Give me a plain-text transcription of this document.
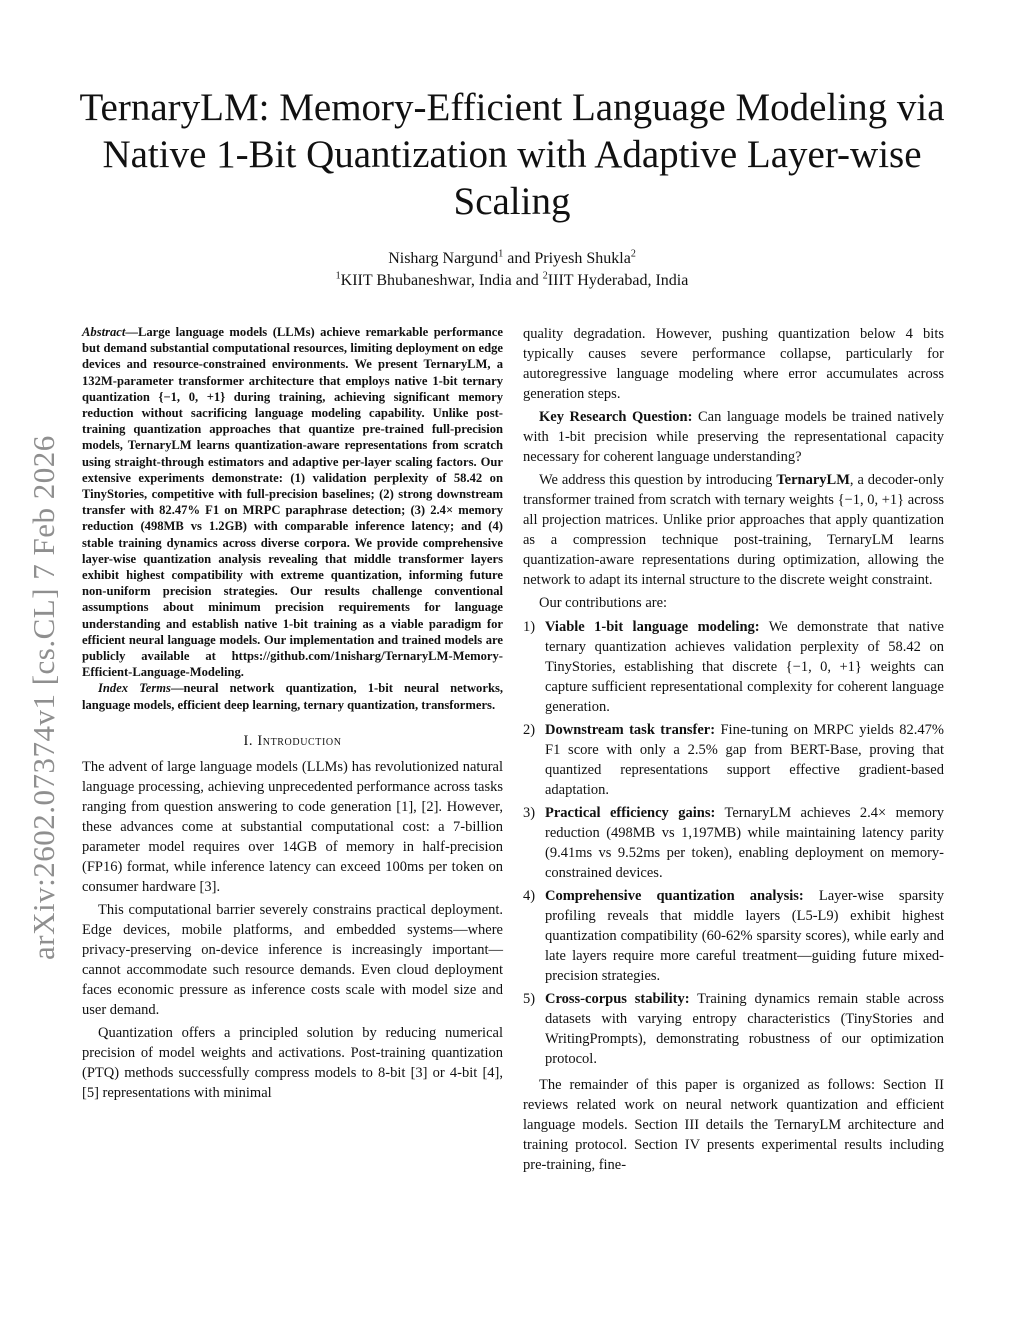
TernaryLM: Memory-Efficient Language Modeling via Native 1-Bit Quantization with Adaptive Layer-wise Scaling
Nisharg Nargund$^1$ and Priyesh Shukla$^2$
$^1$KIIT Bhubaneshwar, India and $^2$IIIT Hyderabad, India
arXiv:2602.07374v1 [cs.CL] 7 Feb 2026

Abstract—Large language models (LLMs) achieve remarkable performance but demand substantial computational resources, limiting deployment on edge devices and resource-constrained environments. We present TernaryLM, a 132M-parameter transformer architecture that employs native 1-bit ternary quantization {−1, 0, +1} during training, achieving significant memory reduction without sacrificing language modeling capability. Unlike post-training quantization approaches that quantize pre-trained full-precision models, TernaryLM learns quantization-aware representations from scratch using straight-through estimators and adaptive per-layer scaling factors. Our extensive experiments demonstrate: (1) validation perplexity of 58.42 on TinyStories, competitive with full-precision baselines; (2) strong downstream transfer with 82.47% F1 on MRPC paraphrase detection; (3) 2.4× memory reduction (498MB vs 1.2GB) with comparable inference latency; and (4) stable training dynamics across diverse corpora. We provide comprehensive layer-wise quantization analysis revealing that middle transformer layers exhibit highest compatibility with extreme quantization, informing future non-uniform precision strategies. Our results challenge conventional assumptions about minimum precision requirements for language understanding and establish native 1-bit training as a viable paradigm for efficient neural language models. Our implementation and trained models are publicly available at https://github.com/1nisharg/TernaryLM-Memory-Efficient-Language-Modeling.

Index Terms—neural network quantization, 1-bit neural networks, language models, efficient deep learning, ternary quantization, transformers.

I. Introduction

The advent of large language models (LLMs) has revolutionized natural language processing, achieving unprecedented performance across tasks ranging from question answering to code generation [1], [2]. However, these advances come at substantial computational cost: a 7-billion parameter model requires over 14GB of memory in half-precision (FP16) format, while inference latency can exceed 100ms per token on consumer hardware [3].

This computational barrier severely constrains practical deployment. Edge devices, mobile platforms, and embedded systems—where privacy-preserving on-device inference is increasingly important—cannot accommodate such resource demands. Even cloud deployment faces economic pressure as inference costs scale with model size and user demand.

Quantization offers a principled solution by reducing numerical precision of model weights and activations. Post-training quantization (PTQ) methods successfully compress models to 8-bit [3] or 4-bit [4], [5] representations with minimal

quality degradation. However, pushing quantization below 4 bits typically causes severe performance collapse, particularly for autoregressive language modeling where error accumulates across generation steps.

Key Research Question: Can language models be trained natively with 1-bit precision while preserving the representational capacity necessary for coherent language understanding?

We address this question by introducing TernaryLM, a decoder-only transformer trained from scratch with ternary weights {−1, 0, +1} across all projection matrices. Unlike prior approaches that apply quantization as a compression technique post-training, TernaryLM learns quantization-aware representations during optimization, allowing the network to adapt its internal structure to the discrete weight constraint.

Our contributions are:

1) Viable 1-bit language modeling: We demonstrate that native ternary quantization achieves validation perplexity of 58.42 on TinyStories, establishing that discrete {−1, 0, +1} weights can capture sufficient representational complexity for coherent language generation.
2) Downstream task transfer: Fine-tuning on MRPC yields 82.47% F1 score with only a 2.5% gap from BERT-Base, proving that quantized representations support effective gradient-based adaptation.
3) Practical efficiency gains: TernaryLM achieves 2.4× memory reduction (498MB vs 1,197MB) while maintaining latency parity (9.41ms vs 9.52ms per token), enabling deployment on memory-constrained devices.
4) Comprehensive quantization analysis: Layer-wise sparsity profiling reveals that middle layers (L5-L9) exhibit highest quantization compatibility (60-62% sparsity scores), while early and late layers require more careful treatment—guiding future mixed-precision strategies.
5) Cross-corpus stability: Training dynamics remain stable across datasets with varying entropy characteristics (TinyStories and WritingPrompts), demonstrating robustness of our optimization protocol.

The remainder of this paper is organized as follows: Section II reviews related work on neural network quantization and efficient language models. Section III details the TernaryLM architecture and training protocol. Section IV presents experimental results including pre-training, fine-
